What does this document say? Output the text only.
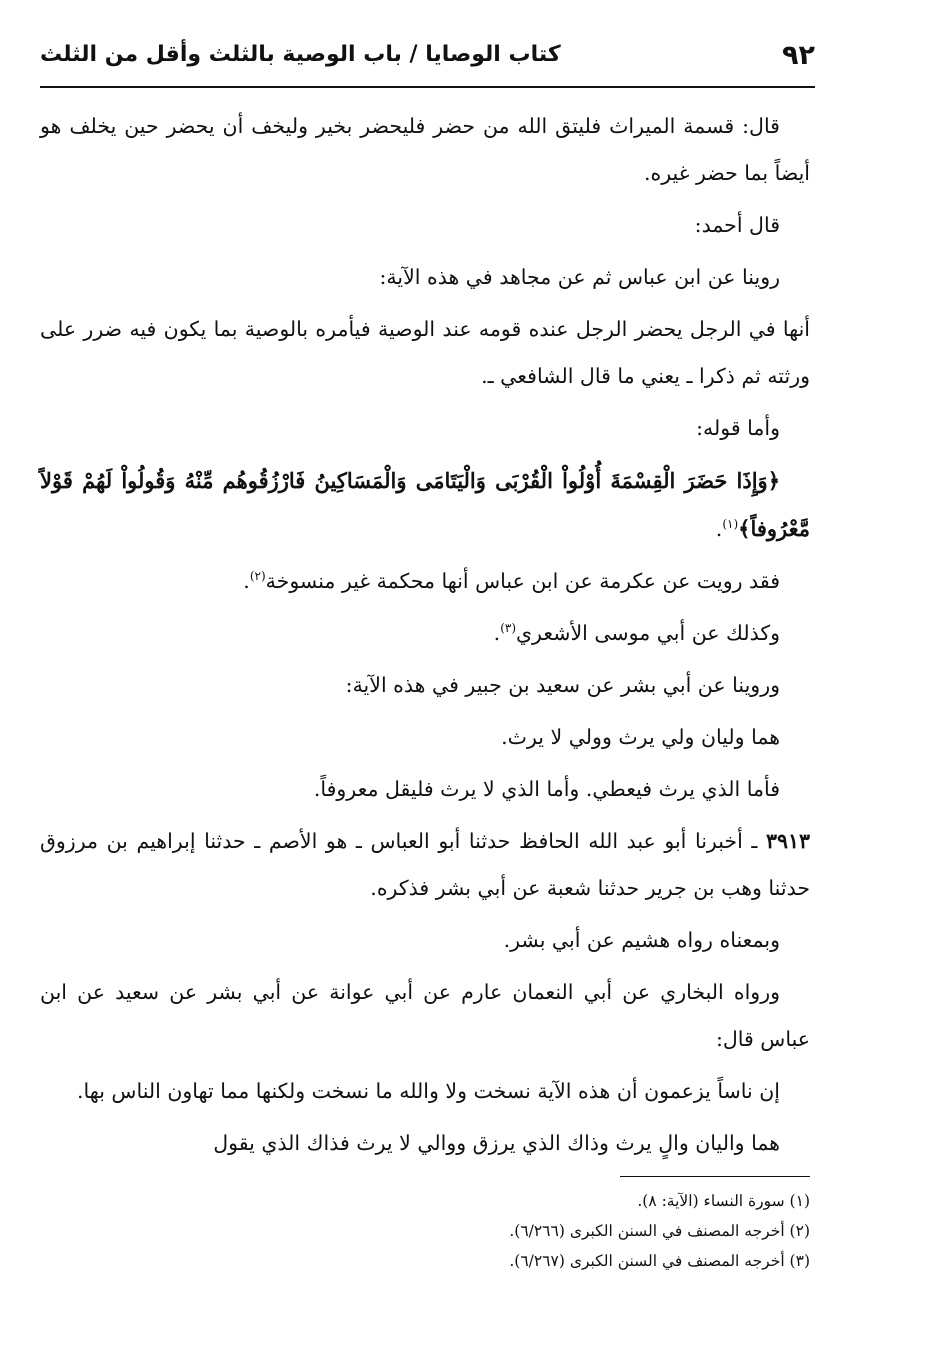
٩٢
كتاب الوصايا / باب الوصية بالثلث وأقل من الثلث

قال: قسمة الميراث فليتق الله من حضر فليحضر بخير وليخف أن يحضر حين يخلف هو أيضاً بما حضر غيره.

قال أحمد:

روينا عن ابن عباس ثم عن مجاهد في هذه الآية:

أنها في الرجل يحضر الرجل عنده قومه عند الوصية فيأمره بالوصية بما يكون فيه ضرر على ورثته ثم ذكرا ـ يعني ما قال الشافعي ـ.

وأما قوله:

﴿وَإِذَا حَضَرَ الْقِسْمَةَ أُوْلُواْ الْقُرْبَى وَالْيَتَامَى وَالْمَسَاكِينُ فَارْزُقُوهُم مِّنْهُ وَقُولُواْ لَهُمْ قَوْلاً مَّعْرُوفاً﴾$^{(١)}$.

فقد رويت عن عكرمة عن ابن عباس أنها محكمة غير منسوخة$^{(٢)}$.

وكذلك عن أبي موسى الأشعري$^{(٣)}$.

وروينا عن أبي بشر عن سعيد بن جبير في هذه الآية:

هما وليان ولي يرث وولي لا يرث.

فأما الذي يرث فيعطي. وأما الذي لا يرث فليقل معروفاً.

٣٩١٣ ـ أخبرنا أبو عبد الله الحافظ حدثنا أبو العباس ـ هو الأصم ـ حدثنا إبراهيم بن مرزوق حدثنا وهب بن جرير حدثنا شعبة عن أبي بشر فذكره.

وبمعناه رواه هشيم عن أبي بشر.

ورواه البخاري عن أبي النعمان عارم عن أبي عوانة عن أبي بشر عن سعيد عن ابن عباس قال:

إن ناساً يزعمون أن هذه الآية نسخت ولا والله ما نسخت ولكنها مما تهاون الناس بها.

هما واليان والٍ يرث وذاك الذي يرزق ووالي لا يرث فذاك الذي يقول

(١) سورة النساء (الآية: ٨).
(٢) أخرجه المصنف في السنن الكبرى (٦/٢٦٦).
(٣) أخرجه المصنف في السنن الكبرى (٦/٢٦٧).
